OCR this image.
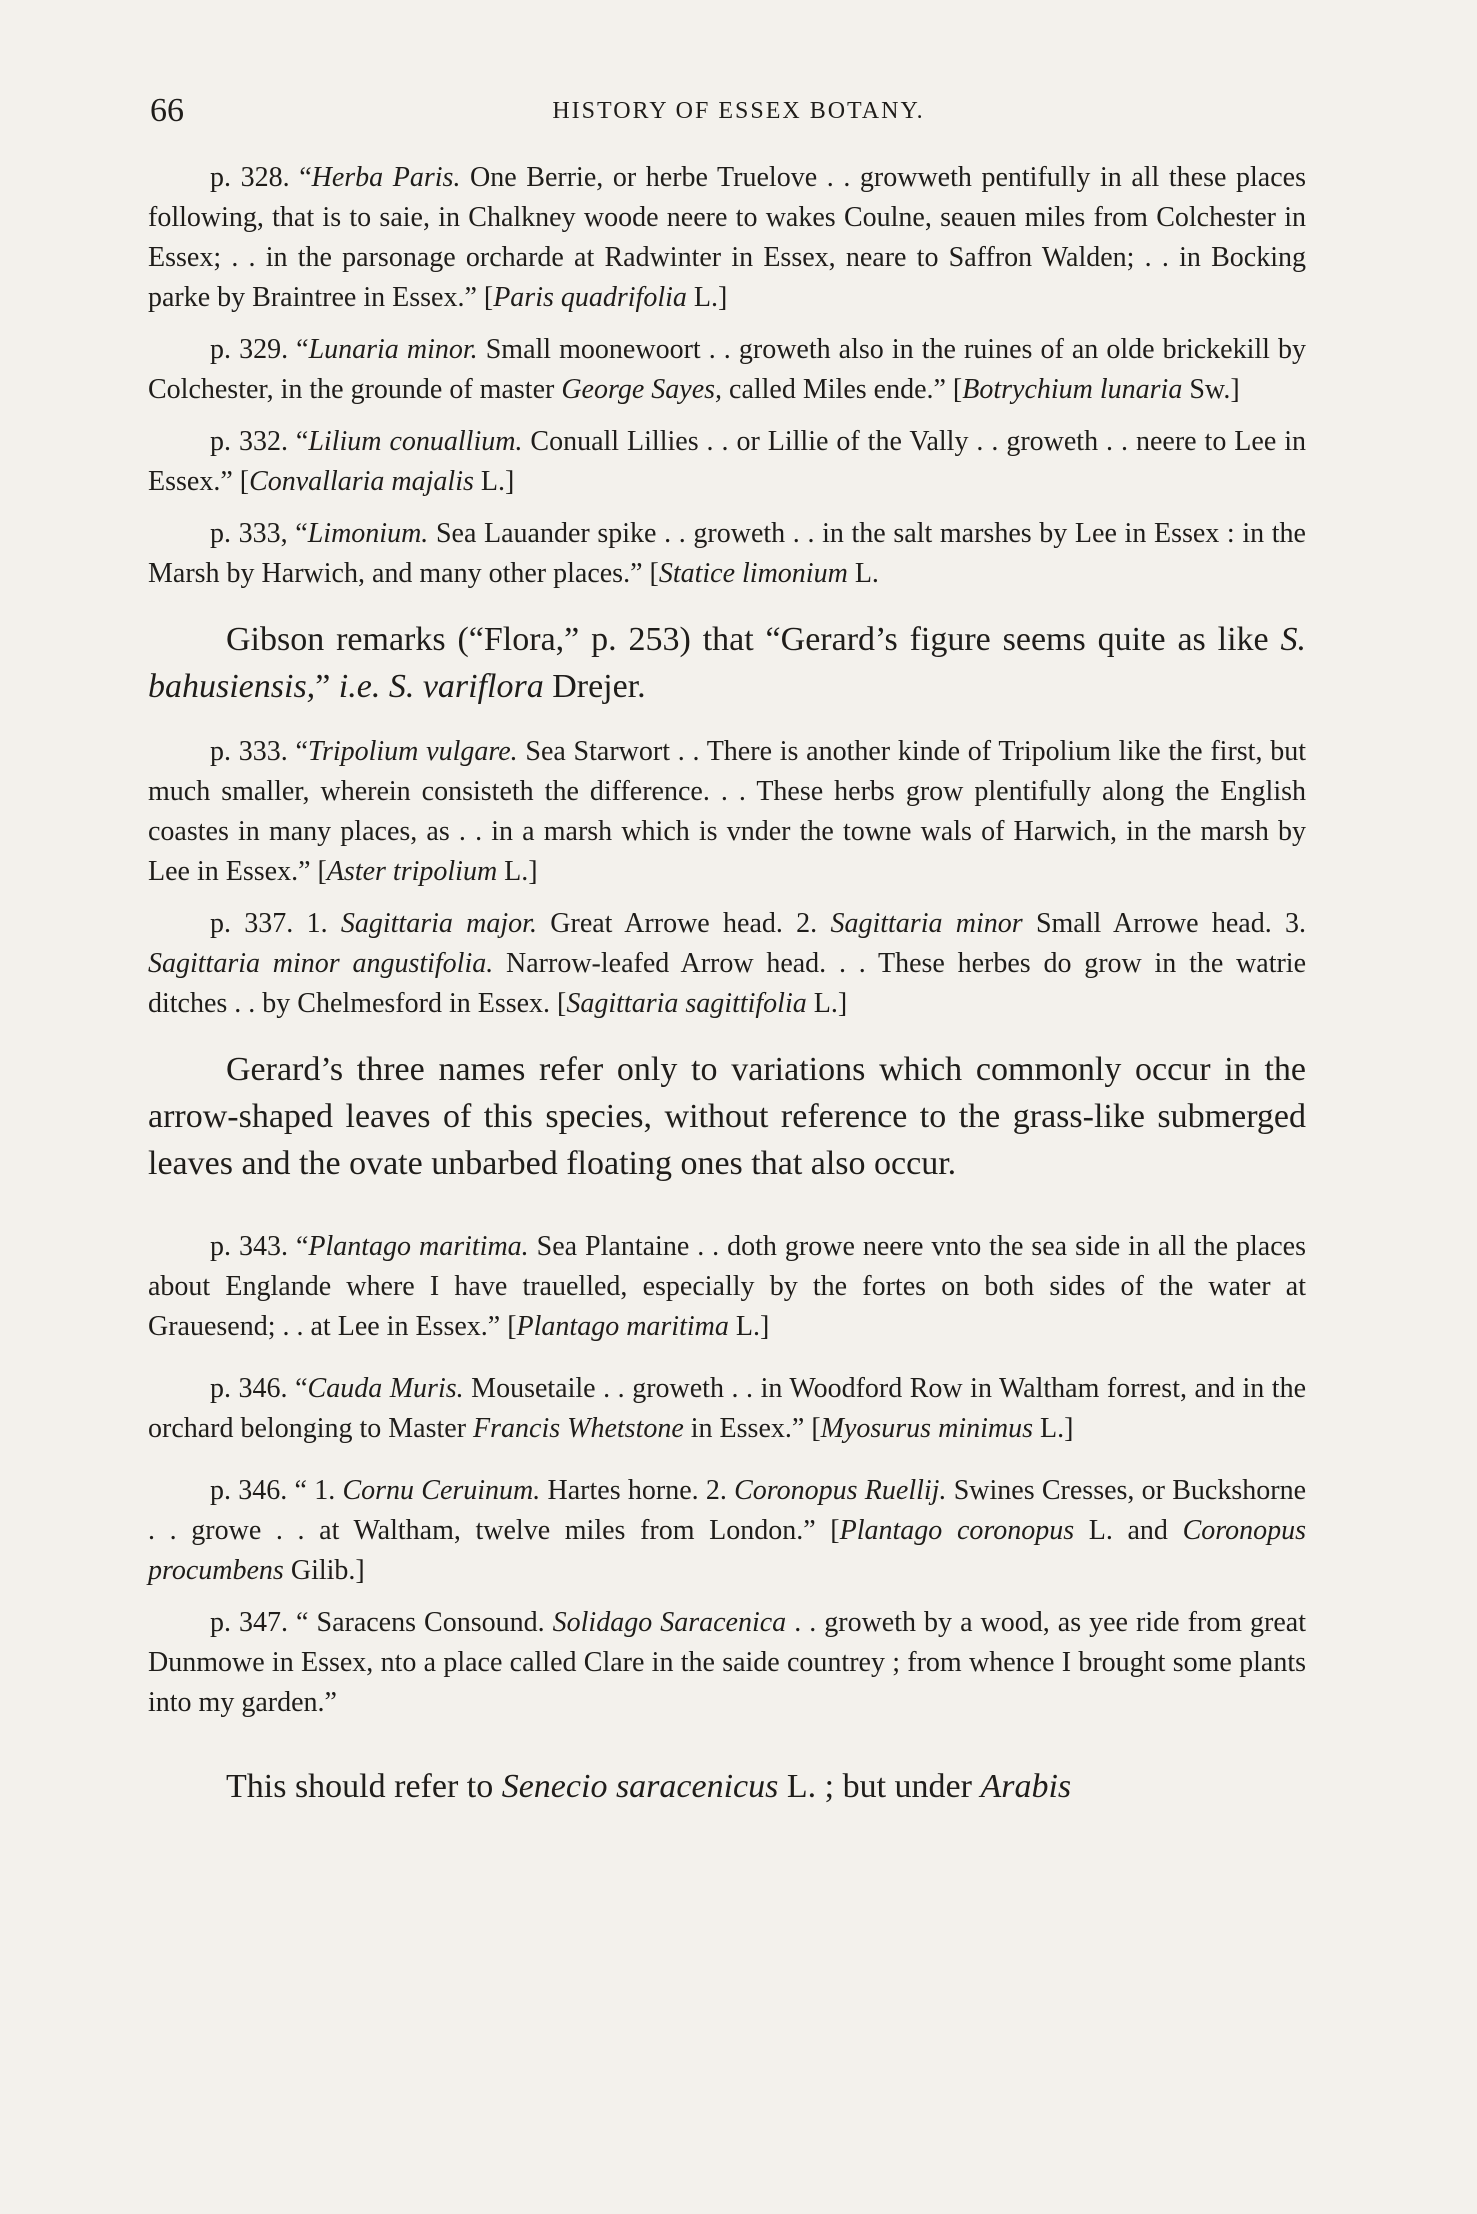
66	HISTORY OF ESSEX BOTANY.

p. 328. “Herba Paris. One Berrie, or herbe Truelove . . growweth pentifully in all these places following, that is to saie, in Chalkney woode neere to wakes Coulne, seauen miles from Colchester in Essex; . . in the parsonage orcharde at Radwinter in Essex, neare to Saffron Walden; . . in Bocking parke by Braintree in Essex.” [Paris quadrifolia L.]

p. 329. “Lunaria minor. Small moonewoort . . groweth also in the ruines of an olde brickekill by Colchester, in the grounde of master George Sayes, called Miles ende.” [Botrychium lunaria Sw.]

p. 332. “Lilium conuallium. Conuall Lillies . . or Lillie of the Vally . . groweth . . neere to Lee in Essex.” [Convallaria majalis L.]

p. 333, “Limonium. Sea Lauander spike . . groweth . . in the salt marshes by Lee in Essex : in the Marsh by Harwich, and many other places.” [Statice limonium L.

Gibson remarks (“Flora,” p. 253) that “Gerard’s figure seems quite as like S. bahusiensis,” i.e. S. variflora Drejer.

p. 333. “Tripolium vulgare. Sea Starwort . . There is another kinde of Tripolium like the first, but much smaller, wherein consisteth the difference. . . These herbs grow plentifully along the English coastes in many places, as . . in a marsh which is vnder the towne wals of Harwich, in the marsh by Lee in Essex.” [Aster tripolium L.]

p. 337. 1. Sagittaria major. Great Arrowe head. 2. Sagittaria minor Small Arrowe head. 3. Sagittaria minor angustifolia. Narrow-leafed Arrow head. . . These herbes do grow in the watrie ditches . . by Chelmesford in Essex. [Sagittaria sagittifolia L.]

Gerard’s three names refer only to variations which commonly occur in the arrow-shaped leaves of this species, without reference to the grass-like submerged leaves and the ovate unbarbed floating ones that also occur.

p. 343. “Plantago maritima. Sea Plantaine . . doth growe neere vnto the sea side in all the places about Englande where I have trauelled, especially by the fortes on both sides of the water at Grauesend; . . at Lee in Essex.” [Plantago maritima L.]

p. 346. “Cauda Muris. Mousetaile . . groweth . . in Woodford Row in Waltham forrest, and in the orchard belonging to Master Francis Whetstone in Essex.” [Myosurus minimus L.]

p. 346. “ 1. Cornu Ceruinum. Hartes horne. 2. Coronopus Ruellij. Swines Cresses, or Buckshorne . . growe . . at Waltham, twelve miles from London.” [Plantago coronopus L. and Coronopus procumbens Gilib.]

p. 347. “ Saracens Consound. Solidago Saracenica . . groweth by a wood, as yee ride from great Dunmowe in Essex, nto a place called Clare in the saide countrey ; from whence I brought some plants into my garden.”

This should refer to Senecio saracenicus L. ; but under Arabis
